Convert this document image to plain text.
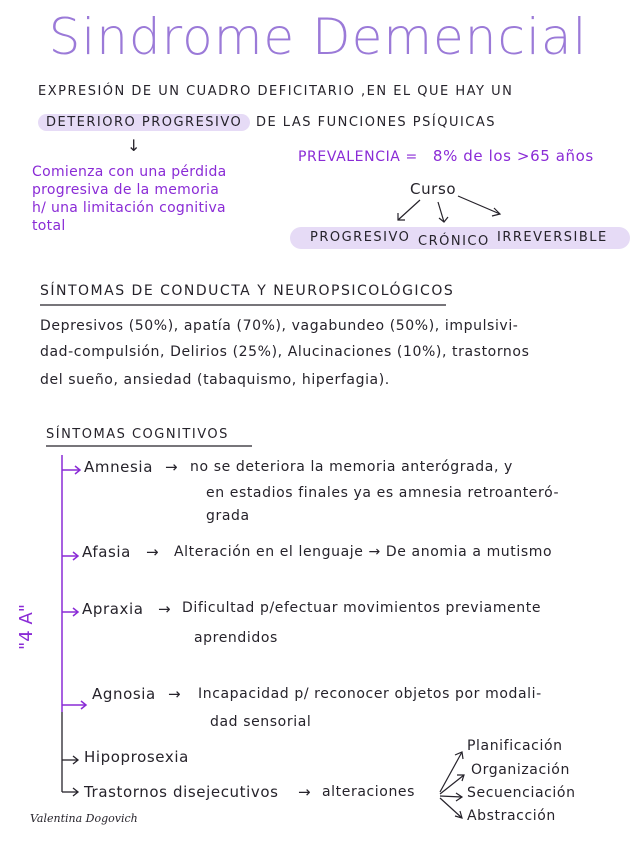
Sindrome Demencial
EXPRESIÓN DE UN CUADRO DEFICITARIO ,EN EL QUE HAY UN
DETERIORO PROGRESIVO DE LAS FUNCIONES PSÍQUICAS
↓
Comienza con una pérdida
progresiva de la memoria
h/ una limitación cognitiva
total
PREVALENCIA = 8% de los >65 años
Curso
PROGRESIVO CRÓNICO IRREVERSIBLE
SÍNTOMAS DE CONDUCTA Y NEUROPSICOLÓGICOS
Depresivos (50%), apatía (70%), vagabundeo (50%), impulsivi-
dad-compulsión, Delirios (25%), Alucinaciones (10%), trastornos
del sueño, ansiedad (tabaquismo, hiperfagia).
SÍNTOMAS COGNITIVOS
"4 A"
Amnesia → no se deteriora la memoria anterógrada, y
en estadios finales ya es amnesia retroanteró-
grada
Afasia → Alteración en el lenguaje → De anomia a mutismo
Apraxia → Dificultad p/efectuar movimientos previamente
aprendidos
Agnosia → Incapacidad p/ reconocer objetos por modali-
dad sensorial
Hipoprosexia
Trastornos disejecutivos → alteraciones
Planificación
Organización
Secuenciación
Abstracción
Valentina Dogovich
